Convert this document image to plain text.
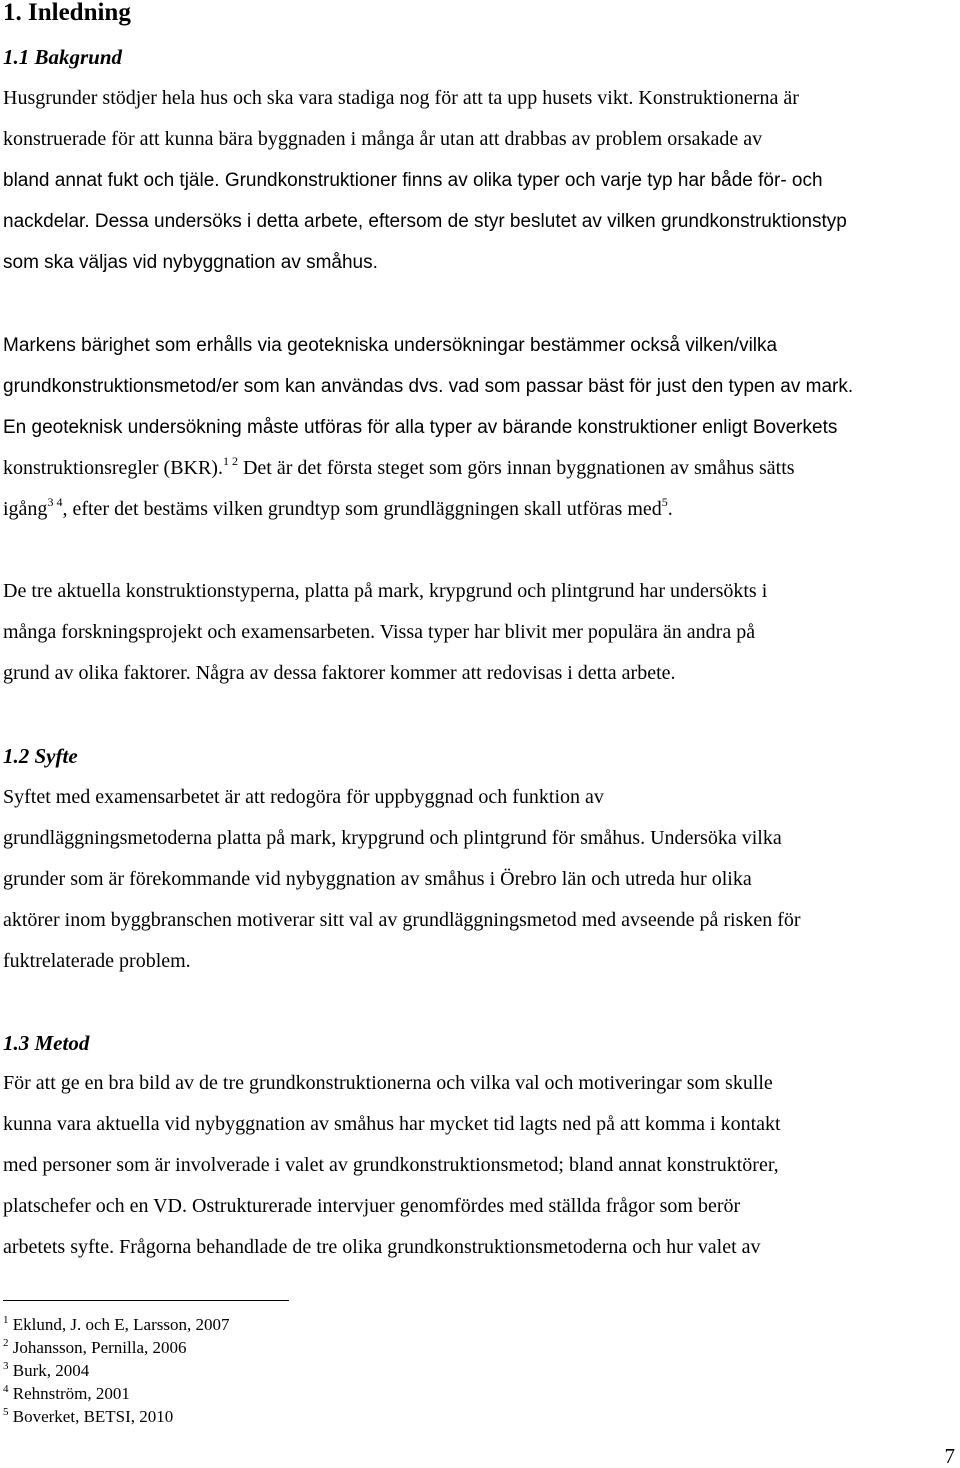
1. Inledning
1.1 Bakgrund

Husgrunder stödjer hela hus och ska vara stadiga nog för att ta upp husets vikt. Konstruktionerna är
konstruerade för att kunna bära byggnaden i många år utan att drabbas av problem orsakade av
bland annat fukt och tjäle. Grundkonstruktioner finns av olika typer och varje typ har både för- och
nackdelar. Dessa undersöks i detta arbete, eftersom de styr beslutet av vilken grundkonstruktionstyp
som ska väljas vid nybyggnation av småhus.

Markens bärighet som erhålls via geotekniska undersökningar bestämmer också vilken/vilka
grundkonstruktionsmetod/er som kan användas dvs. vad som passar bäst för just den typen av mark.
En geoteknisk undersökning måste utföras för alla typer av bärande konstruktioner enligt Boverkets
konstruktionsregler (BKR).$^{1 2}$ Det är det första steget som görs innan byggnationen av småhus sätts
igång$^{3 4}$, efter det bestäms vilken grundtyp som grundläggningen skall utföras med$^5$.

De tre aktuella konstruktionstyperna, platta på mark, krypgrund och plintgrund har undersökts i
många forskningsprojekt och examensarbeten. Vissa typer har blivit mer populära än andra på
grund av olika faktorer. Några av dessa faktorer kommer att redovisas i detta arbete.

1.2 Syfte

Syftet med examensarbetet är att redogöra för uppbyggnad och funktion av
grundläggningsmetoderna platta på mark, krypgrund och plintgrund för småhus. Undersöka vilka
grunder som är förekommande vid nybyggnation av småhus i Örebro län och utreda hur olika
aktörer inom byggbranschen motiverar sitt val av grundläggningsmetod med avseende på risken för
fuktrelaterade problem.

1.3 Metod

För att ge en bra bild av de tre grundkonstruktionerna och vilka val och motiveringar som skulle
kunna vara aktuella vid nybyggnation av småhus har mycket tid lagts ned på att komma i kontakt
med personer som är involverade i valet av grundkonstruktionsmetod; bland annat konstruktörer,
platschefer och en VD. Ostrukturerade intervjuer genomfördes med ställda frågor som berör
arbetets syfte. Frågorna behandlade de tre olika grundkonstruktionsmetoderna och hur valet av

$^1$ Eklund, J. och E, Larsson, 2007
$^2$ Johansson, Pernilla, 2006
$^3$ Burk, 2004
$^4$ Rehnström, 2001
$^5$ Boverket, BETSI, 2010
7
